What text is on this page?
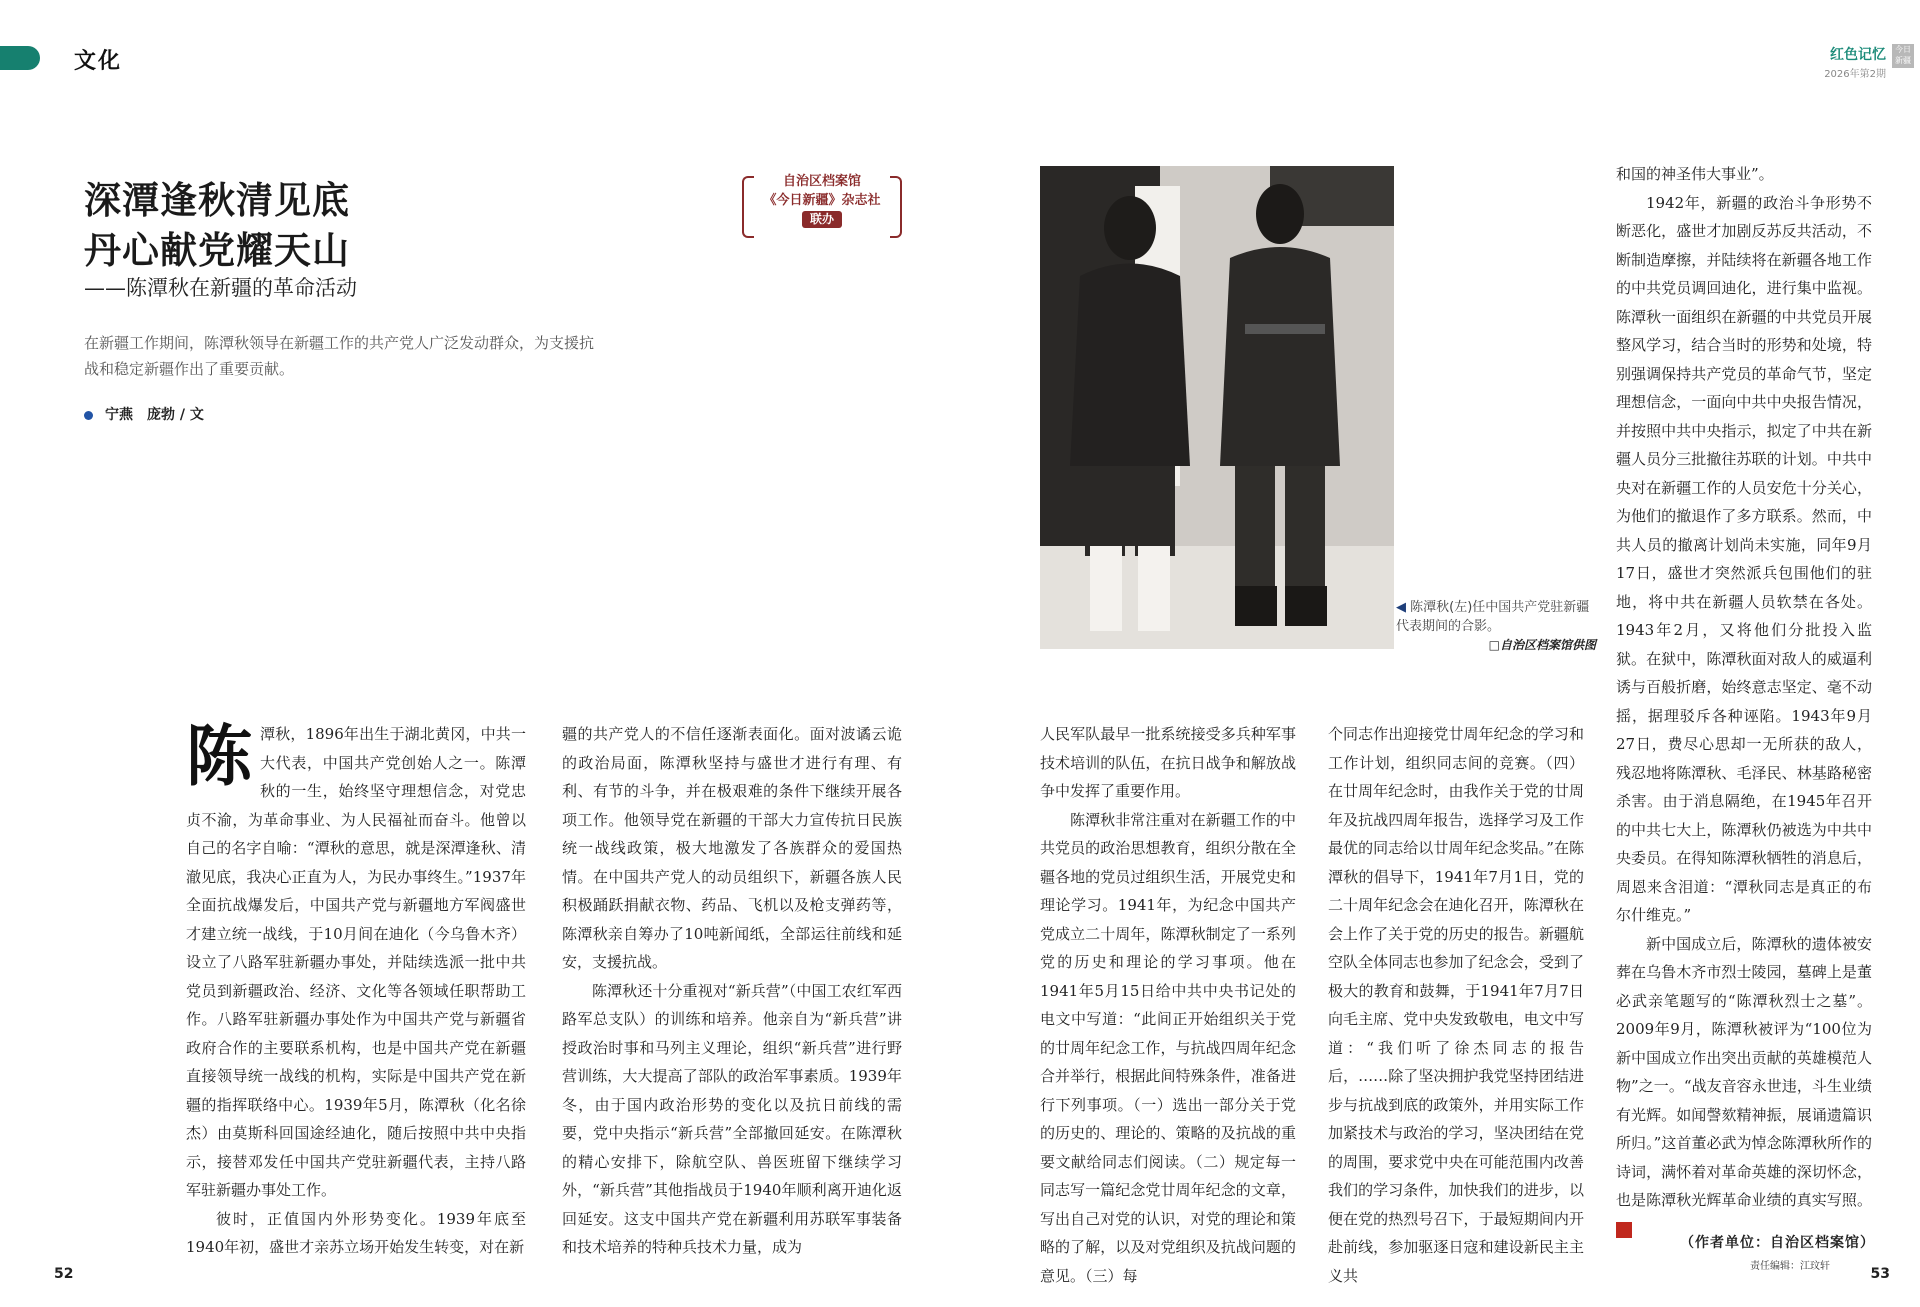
文化	红色记忆
2026年第2期
今日新疆
深潭逢秋清见底
丹心献党耀天山
——陈潭秋在新疆的革命活动
在新疆工作期间，陈潭秋领导在新疆工作的共产党人广泛发动群众，为支援抗战和稳定新疆作出了重要贡献。
宁燕　庞勃 / 文
自治区档案馆
《今日新疆》杂志社
联办
◀ 陈潭秋(左)任中国共产党驻新疆代表期间的合影。
□自治区档案馆供图
陈 潭秋，1896年出生于湖北黄冈，中共一大代表，中国共产党创始人之一。陈潭秋的一生，始终坚守理想信念，对党忠贞不渝，为革命事业、为人民福祉而奋斗。他曾以自己的名字自喻：“潭秋的意思，就是深潭逢秋、清澈见底，我决心正直为人，为民办事终生。”1937年全面抗战爆发后，中国共产党与新疆地方军阀盛世才建立统一战线，于10月间在迪化（今乌鲁木齐）设立了八路军驻新疆办事处，并陆续选派一批中共党员到新疆政治、经济、文化等各领域任职帮助工作。八路军驻新疆办事处作为中国共产党与新疆省政府合作的主要联系机构，也是中国共产党在新疆直接领导统一战线的机构，实际是中国共产党在新疆的指挥联络中心。1939年5月，陈潭秋（化名徐杰）由莫斯科回国途经迪化，随后按照中共中央指示，接替邓发任中国共产党驻新疆代表，主持八路军驻新疆办事处工作。

彼时，正值国内外形势变化。1939年底至1940年初，盛世才亲苏立场开始发生转变，对在新

疆的共产党人的不信任逐渐表面化。面对波谲云诡的政治局面，陈潭秋坚持与盛世才进行有理、有利、有节的斗争，并在极艰难的条件下继续开展各项工作。他领导党在新疆的干部大力宣传抗日民族统一战线政策，极大地激发了各族群众的爱国热情。在中国共产党人的动员组织下，新疆各族人民积极踊跃捐献衣物、药品、飞机以及枪支弹药等，陈潭秋亲自筹办了10吨新闻纸，全部运往前线和延安，支援抗战。

陈潭秋还十分重视对“新兵营”（中国工农红军西路军总支队）的训练和培养。他亲自为“新兵营”讲授政治时事和马列主义理论，组织“新兵营”进行野营训练，大大提高了部队的政治军事素质。1939年冬，由于国内政治形势的变化以及抗日前线的需要，党中央指示“新兵营”全部撤回延安。在陈潭秋的精心安排下，除航空队、兽医班留下继续学习外，“新兵营”其他指战员于1940年顺利离开迪化返回延安。这支中国共产党在新疆利用苏联军事装备和技术培养的特种兵技术力量，成为

人民军队最早一批系统接受多兵种军事技术培训的队伍，在抗日战争和解放战争中发挥了重要作用。

陈潭秋非常注重对在新疆工作的中共党员的政治思想教育，组织分散在全疆各地的党员过组织生活，开展党史和理论学习。1941年，为纪念中国共产党成立二十周年，陈潭秋制定了一系列党的历史和理论的学习事项。他在1941年5月15日给中共中央书记处的电文中写道：“此间正开始组织关于党的廿周年纪念工作，与抗战四周年纪念合并举行，根据此间特殊条件，准备进行下列事项。（一）选出一部分关于党的历史的、理论的、策略的及抗战的重要文献给同志们阅读。（二）规定每一同志写一篇纪念党廿周年纪念的文章，写出自己对党的认识，对党的理论和策略的了解，以及对党组织及抗战问题的意见。（三）每

个同志作出迎接党廿周年纪念的学习和工作计划，组织同志间的竞赛。（四）在廿周年纪念时，由我作关于党的廿周年及抗战四周年报告，选择学习及工作最优的同志给以廿周年纪念奖品。”在陈潭秋的倡导下，1941年7月1日，党的二十周年纪念会在迪化召开，陈潭秋在会上作了关于党的历史的报告。新疆航空队全体同志也参加了纪念会，受到了极大的教育和鼓舞，于1941年7月7日向毛主席、党中央发致敬电，电文中写道：“我们听了徐杰同志的报告后，……除了坚决拥护我党坚持团结进步与抗战到底的政策外，并用实际工作加紧技术与政治的学习，坚决团结在党的周围，要求党中央在可能范围内改善我们的学习条件，加快我们的进步，以便在党的热烈号召下，于最短期间内开赴前线，参加驱逐日寇和建设新民主主义共

和国的神圣伟大事业”。

1942年，新疆的政治斗争形势不断恶化，盛世才加剧反苏反共活动，不断制造摩擦，并陆续将在新疆各地工作的中共党员调回迪化，进行集中监视。陈潭秋一面组织在新疆的中共党员开展整风学习，结合当时的形势和处境，特别强调保持共产党员的革命气节，坚定理想信念，一面向中共中央报告情况，并按照中共中央指示，拟定了中共在新疆人员分三批撤往苏联的计划。中共中央对在新疆工作的人员安危十分关心，为他们的撤退作了多方联系。然而，中共人员的撤离计划尚未实施，同年9月17日，盛世才突然派兵包围他们的驻地，将中共在新疆人员软禁在各处。1943年2月，又将他们分批投入监狱。在狱中，陈潭秋面对敌人的威逼利诱与百般折磨，始终意志坚定、毫不动摇，据理驳斥各种诬陷。1943年9月27日，费尽心思却一无所获的敌人，残忍地将陈潭秋、毛泽民、林基路秘密杀害。由于消息隔绝，在1945年召开的中共七大上，陈潭秋仍被选为中共中央委员。在得知陈潭秋牺牲的消息后，周恩来含泪道：“潭秋同志是真正的布尔什维克。”

新中国成立后，陈潭秋的遗体被安葬在乌鲁木齐市烈士陵园，墓碑上是董必武亲笔题写的“陈潭秋烈士之墓”。2009年9月，陈潭秋被评为“100位为新中国成立作出突出贡献的英雄模范人物”之一。“战友音容永世违，斗生业绩有光辉。如闻謦欬精神振，展诵遗篇识所归。”这首董必武为悼念陈潭秋所作的诗词，满怀着对革命英雄的深切怀念，也是陈潭秋光辉革命业绩的真实写照。 J

（作者单位：自治区档案馆）
责任编辑：江玟轩
52	53
